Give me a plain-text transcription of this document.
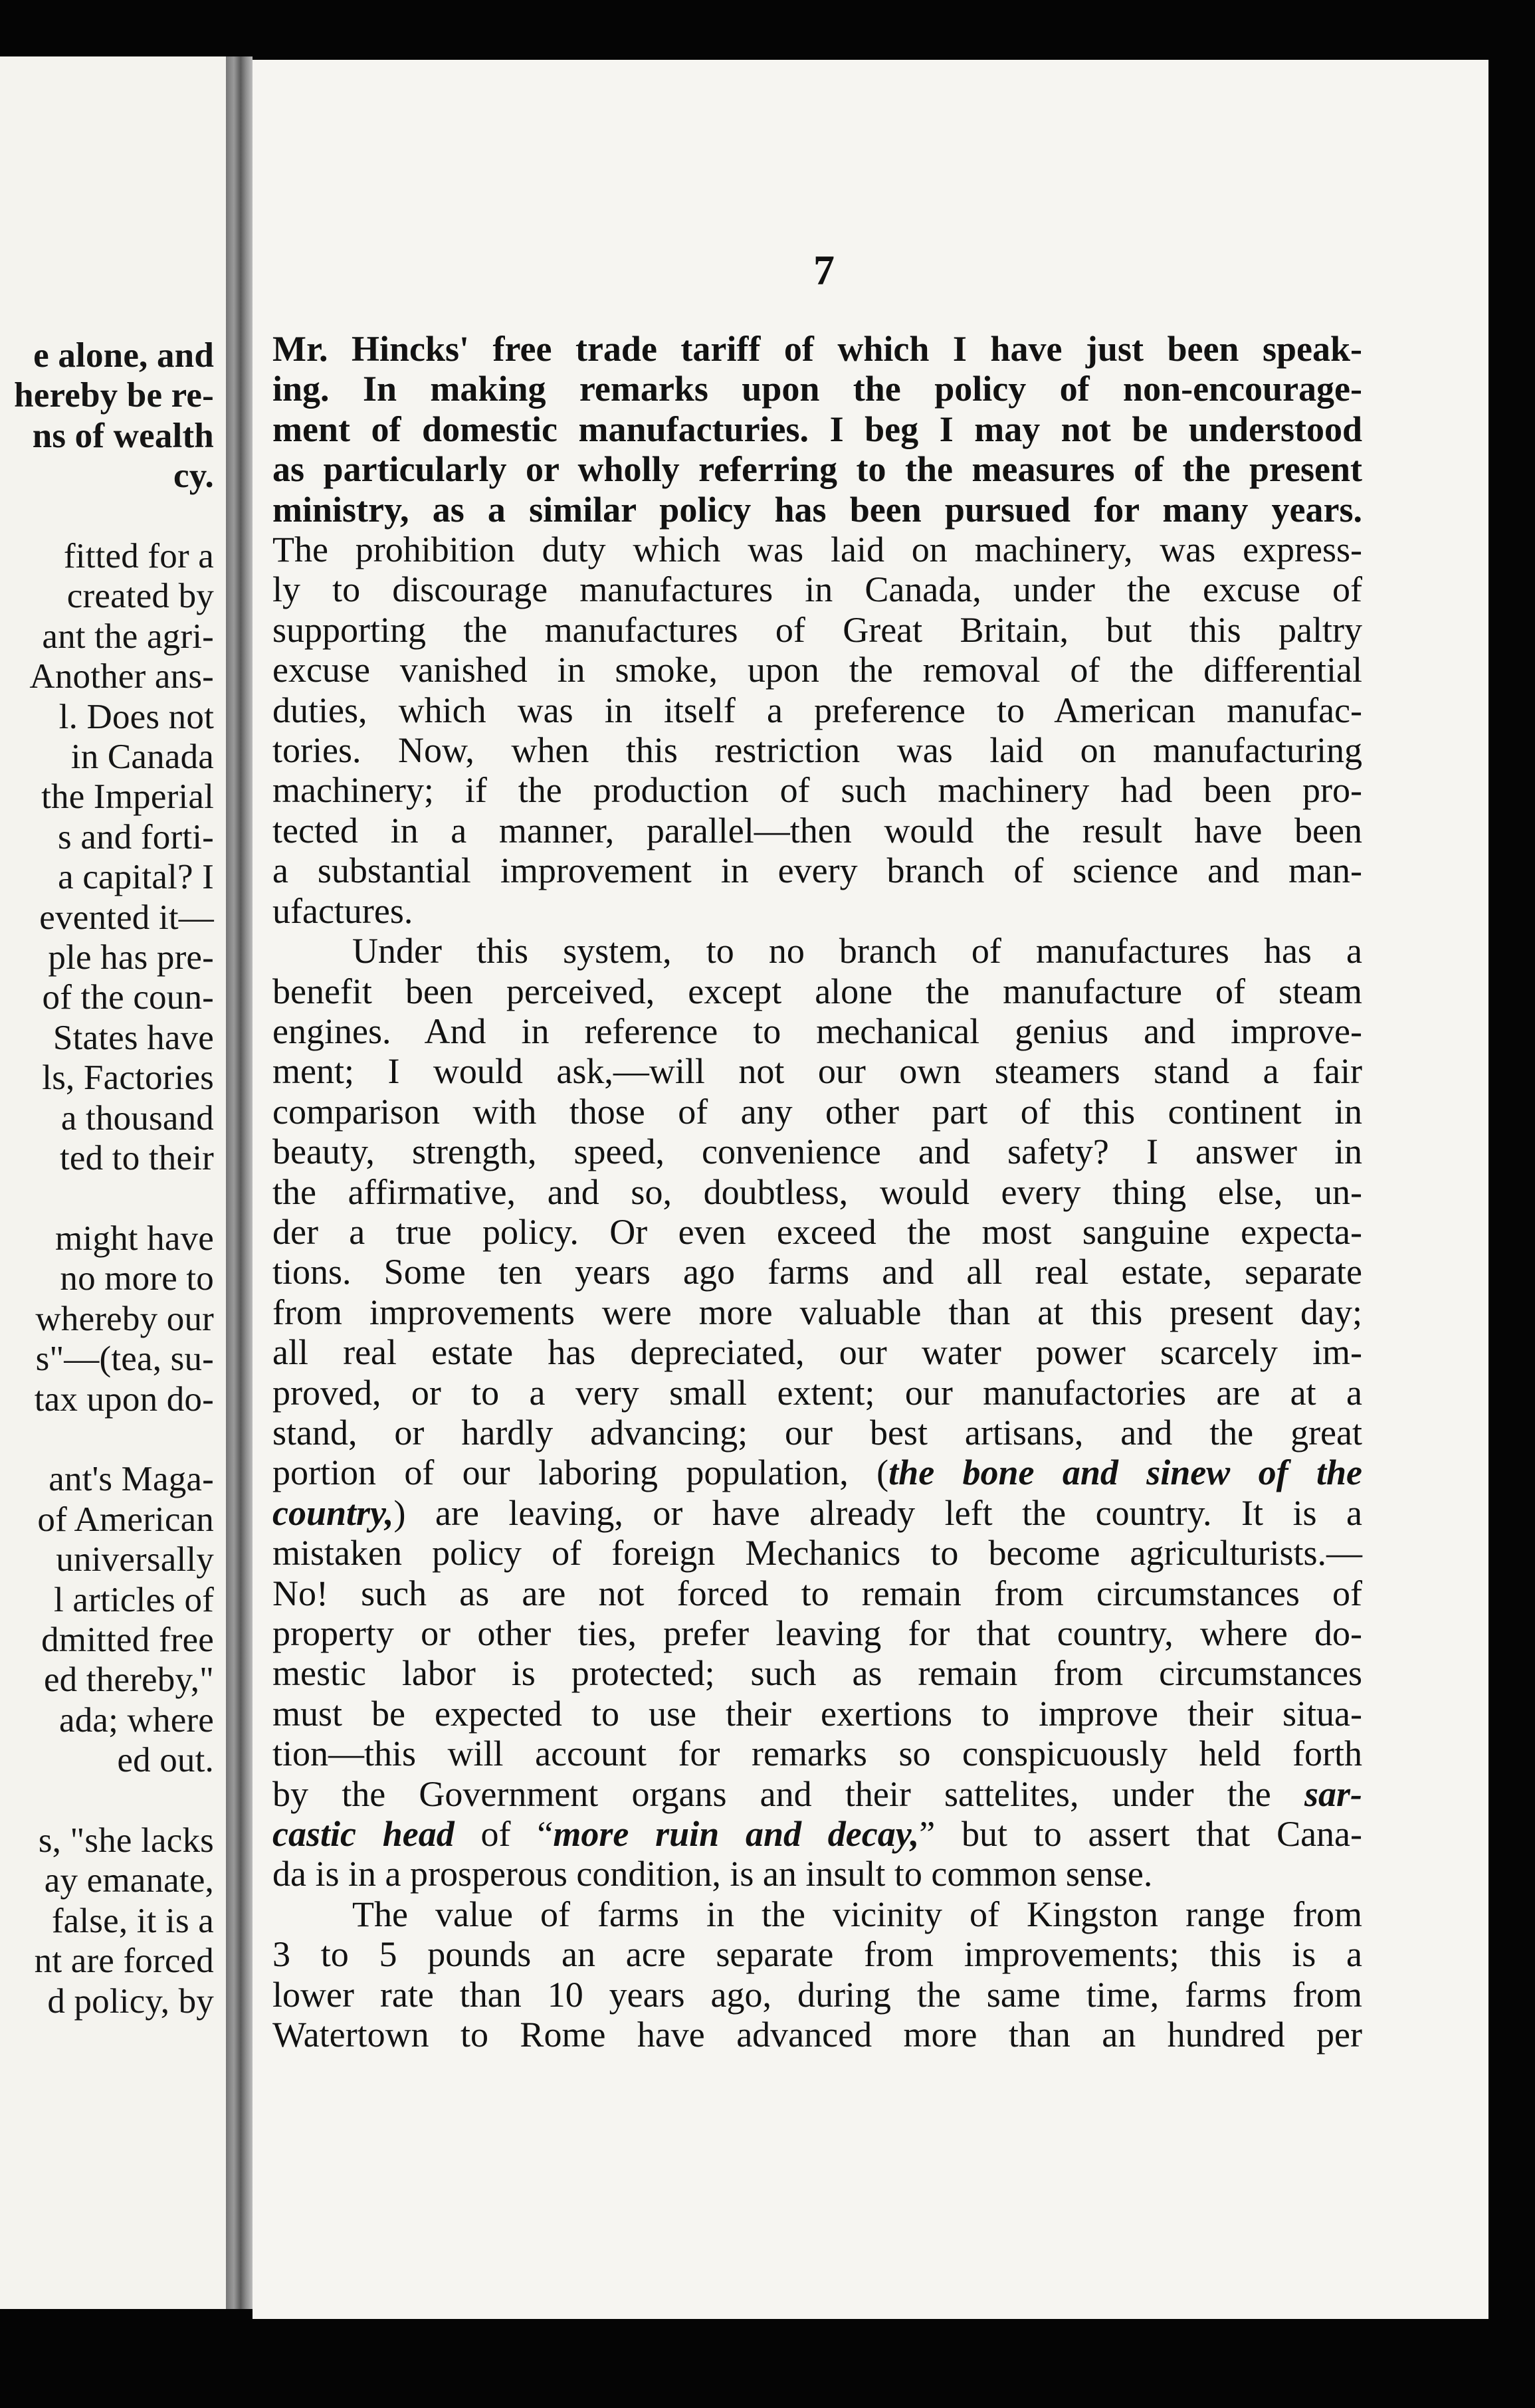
e alone, and
hereby be re-
ns of wealth
cy.
fitted for a
created by
ant the agri-
Another ans-
l. Does not
in Canada
the Imperial
s and forti-
a capital? I
evented it—
ple has pre-
of the coun-
States have
ls, Factories
a thousand
ted to their
might have
no more to
whereby our
s"—(tea, su-
tax upon do-
ant's Maga-
of American
universally
l articles of
dmitted free
ed thereby,"
ada; where
ed out.
s, "she lacks
ay emanate,
false, it is a
nt are forced
d policy, by
7
Mr. Hincks' free trade tariff of which I have just been speak-
ing. In making remarks upon the policy of non-encourage-
ment of domestic manufacturies. I beg I may not be understood
as particularly or wholly referring to the measures of the present
ministry, as a similar policy has been pursued for many years.
The prohibition duty which was laid on machinery, was express-
ly to discourage manufactures in Canada, under the excuse of
supporting the manufactures of Great Britain, but this paltry
excuse vanished in smoke, upon the removal of the differential
duties, which was in itself a preference to American manufac-
tories. Now, when this restriction was laid on manufacturing
machinery; if the production of such machinery had been pro-
tected in a manner, parallel—then would the result have been
a substantial improvement in every branch of science and man-
ufactures.
Under this system, to no branch of manufactures has a
benefit been perceived, except alone the manufacture of steam
engines. And in reference to mechanical genius and improve-
ment; I would ask,—will not our own steamers stand a fair
comparison with those of any other part of this continent in
beauty, strength, speed, convenience and safety? I answer in
the affirmative, and so, doubtless, would every thing else, un-
der a true policy. Or even exceed the most sanguine expecta-
tions. Some ten years ago farms and all real estate, separate
from improvements were more valuable than at this present day;
all real estate has depreciated, our water power scarcely im-
proved, or to a very small extent; our manufactories are at a
stand, or hardly advancing; our best artisans, and the great
portion of our laboring population, (the bone and sinew of the
country,) are leaving, or have already left the country. It is a
mistaken policy of foreign Mechanics to become agriculturists.—
No! such as are not forced to remain from circumstances of
property or other ties, prefer leaving for that country, where do-
mestic labor is protected; such as remain from circumstances
must be expected to use their exertions to improve their situa-
tion—this will account for remarks so conspicuously held forth
by the Government organs and their sattelites, under the sar-
castic head of “more ruin and decay,” but to assert that Cana-
da is in a prosperous condition, is an insult to common sense.
The value of farms in the vicinity of Kingston range from
3 to 5 pounds an acre separate from improvements; this is a
lower rate than 10 years ago, during the same time, farms from
Watertown to Rome have advanced more than an hundred per
